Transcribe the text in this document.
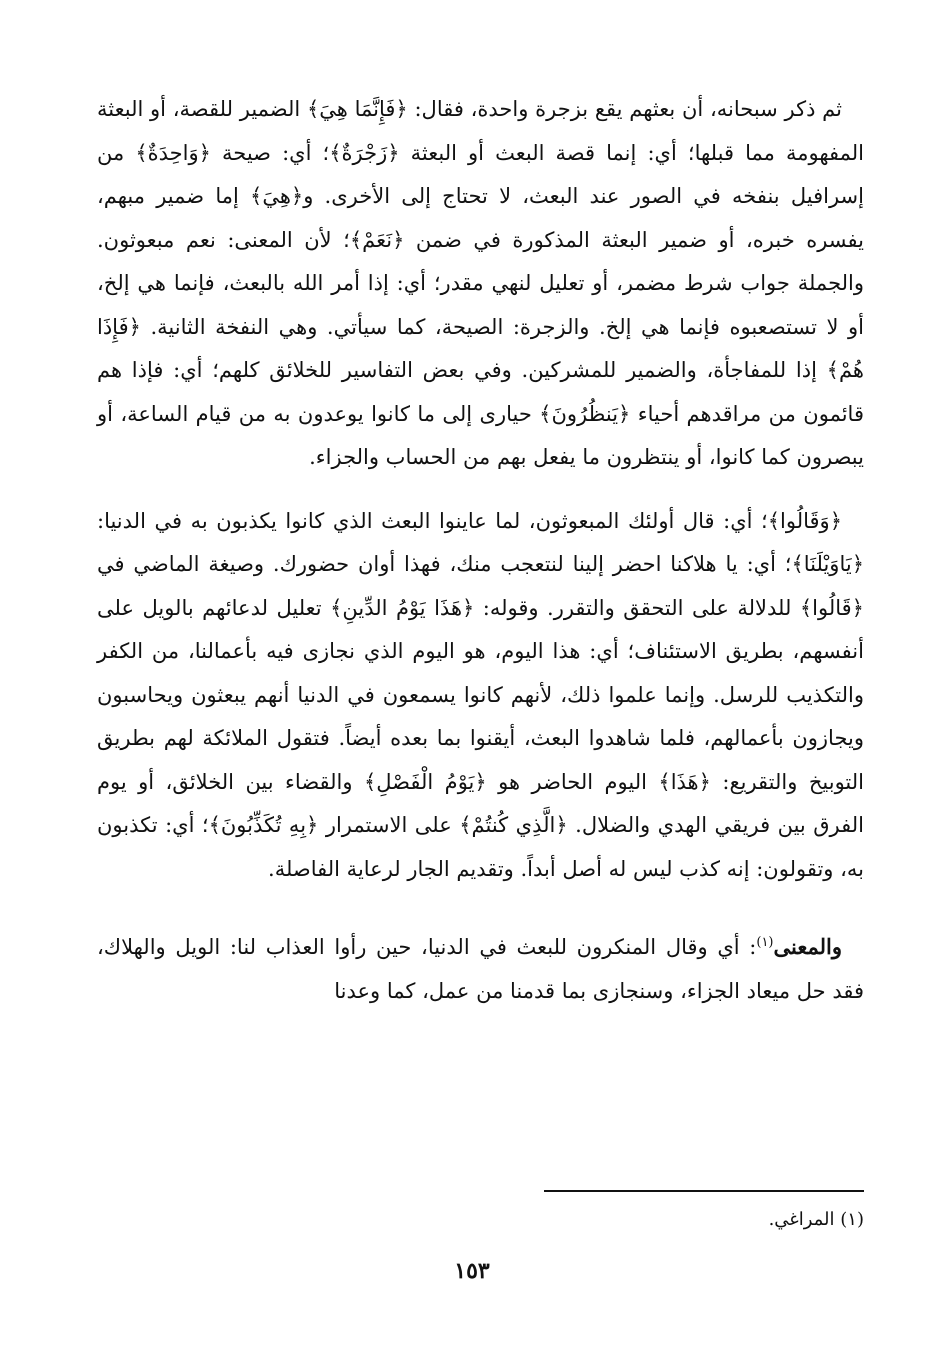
ثم ذكر سبحانه، أن بعثهم يقع بزجرة واحدة، فقال: ﴿فَإِنَّمَا هِيَ﴾ الضمير للقصة، أو البعثة المفهومة مما قبلها؛ أي: إنما قصة البعث أو البعثة ﴿زَجْرَةٌ﴾؛ أي: صيحة ﴿وَاحِدَةٌ﴾ من إسرافيل بنفخه في الصور عند البعث، لا تحتاج إلى الأخرى. و﴿هِيَ﴾ إما ضمير مبهم، يفسره خبره، أو ضمير البعثة المذكورة في ضمن ﴿نَعَمْ﴾؛ لأن المعنى: نعم مبعوثون. والجملة جواب شرط مضمر، أو تعليل لنهي مقدر؛ أي: إذا أمر الله بالبعث، فإنما هي إلخ، أو لا تستصعبوه فإنما هي إلخ. والزجرة: الصيحة، كما سيأتي. وهي النفخة الثانية. ﴿فَإِذَا هُمْ﴾ إذا للمفاجأة، والضمير للمشركين. وفي بعض التفاسير للخلائق كلهم؛ أي: فإذا هم قائمون من مراقدهم أحياء ﴿يَنظُرُونَ﴾ حيارى إلى ما كانوا يوعدون به من قيام الساعة، أو يبصرون كما كانوا، أو ينتظرون ما يفعل بهم من الحساب والجزاء.

﴿وَقَالُوا﴾؛ أي: قال أولئك المبعوثون، لما عاينوا البعث الذي كانوا يكذبون به في الدنيا: ﴿يَاوَيْلَنَا﴾؛ أي: يا هلاكنا احضر إلينا لنتعجب منك، فهذا أوان حضورك. وصيغة الماضي في ﴿قَالُوا﴾ للدلالة على التحقق والتقرر. وقوله: ﴿هَذَا يَوْمُ الدِّينِ﴾ تعليل لدعائهم بالويل على أنفسهم، بطريق الاستئناف؛ أي: هذا اليوم، هو اليوم الذي نجازى فيه بأعمالنا، من الكفر والتكذيب للرسل. وإنما علموا ذلك، لأنهم كانوا يسمعون في الدنيا أنهم يبعثون ويحاسبون ويجازون بأعمالهم، فلما شاهدوا البعث، أيقنوا بما بعده أيضاً. فتقول الملائكة لهم بطريق التوبيخ والتقريع: ﴿هَذَا﴾ اليوم الحاضر هو ﴿يَوْمُ الْفَصْلِ﴾ والقضاء بين الخلائق، أو يوم الفرق بين فريقي الهدي والضلال. ﴿الَّذِي كُنتُمْ﴾ على الاستمرار ﴿بِهِ تُكَذِّبُونَ﴾؛ أي: تكذبون به، وتقولون: إنه كذب ليس له أصل أبداً. وتقديم الجار لرعاية الفاصلة.

والمعنى$^{(١)}$: أي وقال المنكرون للبعث في الدنيا، حين رأوا العذاب لنا: الويل والهلاك، فقد حل ميعاد الجزاء، وسنجازى بما قدمنا من عمل، كما وعدنا

(١) المراغي.
١٥٣
